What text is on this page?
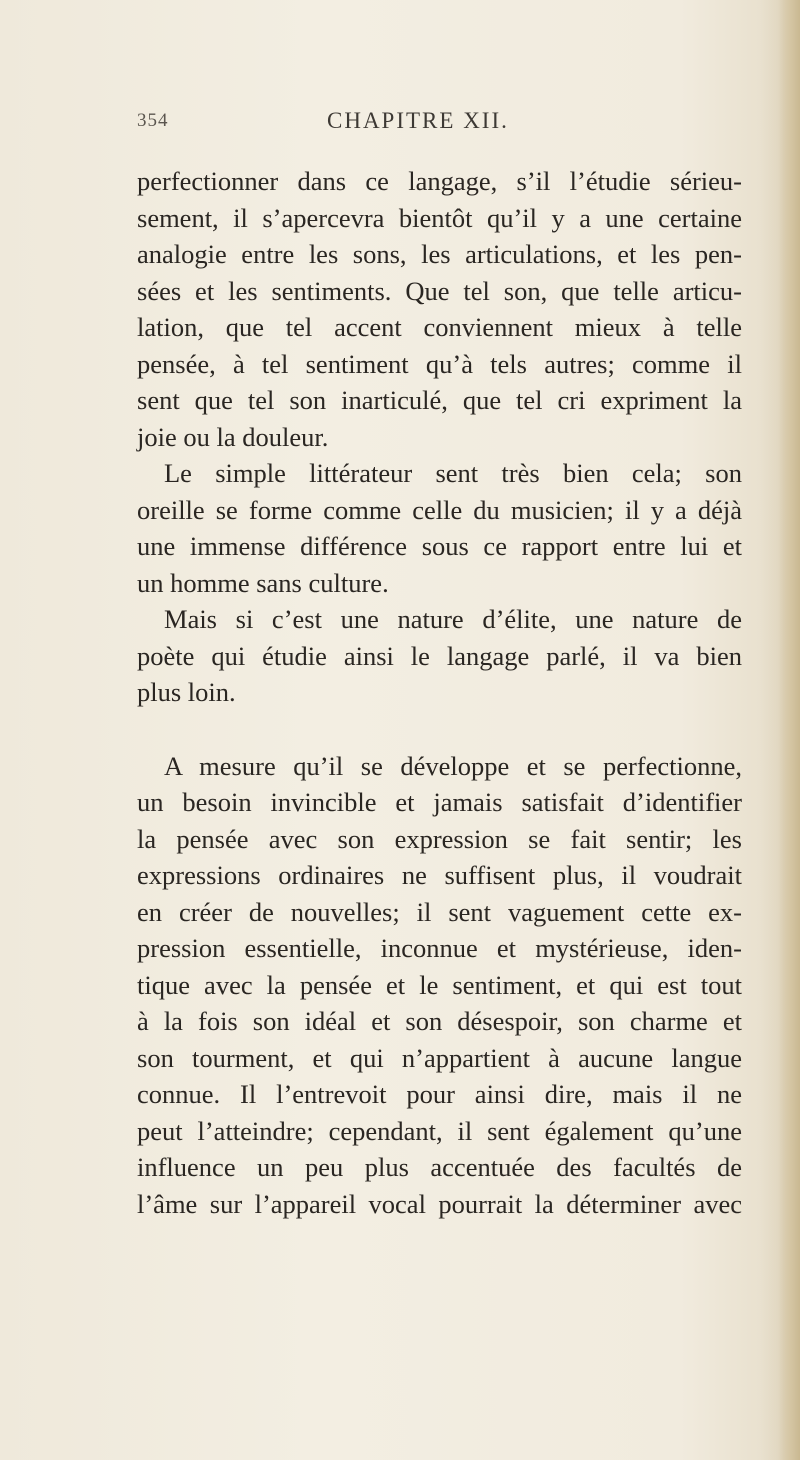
354	CHAPITRE XII.
perfectionner dans ce langage, s’il l’étudie sérieu-
sement, il s’apercevra bientôt qu’il y a une certaine
analogie entre les sons, les articulations, et les pen-
sées et les sentiments. Que tel son, que telle articu-
lation, que tel accent conviennent mieux à telle
pensée, à tel sentiment qu’à tels autres; comme il
sent que tel son inarticulé, que tel cri expriment la
joie ou la douleur.
Le simple littérateur sent très bien cela; son
oreille se forme comme celle du musicien; il y a déjà
une immense différence sous ce rapport entre lui et
un homme sans culture.
Mais si c’est une nature d’élite, une nature de
poète qui étudie ainsi le langage parlé, il va bien
plus loin.
A mesure qu’il se développe et se perfectionne,
un besoin invincible et jamais satisfait d’identifier
la pensée avec son expression se fait sentir; les
expressions ordinaires ne suffisent plus, il voudrait
en créer de nouvelles; il sent vaguement cette ex-
pression essentielle, inconnue et mystérieuse, iden-
tique avec la pensée et le sentiment, et qui est tout
à la fois son idéal et son désespoir, son charme et
son tourment, et qui n’appartient à aucune langue
connue. Il l’entrevoit pour ainsi dire, mais il ne
peut l’atteindre; cependant, il sent également qu’une
influence un peu plus accentuée des facultés de
l’âme sur l’appareil vocal pourrait la déterminer avec
